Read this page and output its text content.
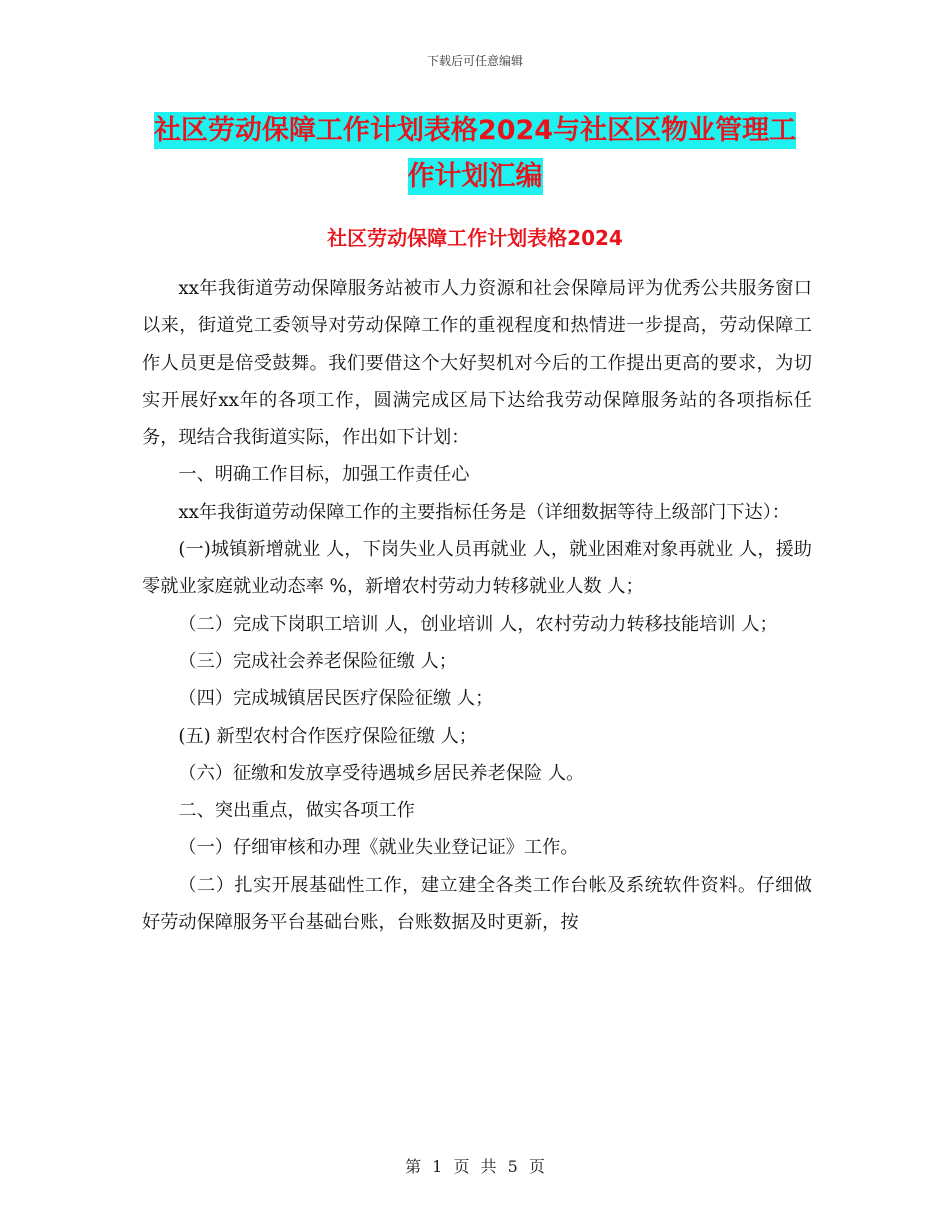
下载后可任意编辑
社区劳动保障工作计划表格2024与社区区物业管理工
作计划汇编
社区劳动保障工作计划表格2024

xx年我街道劳动保障服务站被市人力资源和社会保障局评为优秀公共服务窗口以来，街道党工委领导对劳动保障工作的重视程度和热情进一步提高，劳动保障工作人员更是倍受鼓舞。我们要借这个大好契机对今后的工作提出更高的要求，为切实开展好xx年的各项工作，圆满完成区局下达给我劳动保障服务站的各项指标任务，现结合我街道实际，作出如下计划：

一、明确工作目标，加强工作责任心

xx年我街道劳动保障工作的主要指标任务是（详细数据等待上级部门下达）：

(一)城镇新增就业 人，下岗失业人员再就业 人，就业困难对象再就业 人，援助零就业家庭就业动态率 %，新增农村劳动力转移就业人数 人；

（二）完成下岗职工培训 人，创业培训 人，农村劳动力转移技能培训 人；

（三）完成社会养老保险征缴 人；

（四）完成城镇居民医疗保险征缴 人；

(五) 新型农村合作医疗保险征缴 人；

（六）征缴和发放享受待遇城乡居民养老保险 人。

二、突出重点，做实各项工作

（一）仔细审核和办理《就业失业登记证》工作。

（二）扎实开展基础性工作，建立建全各类工作台帐及系统软件资料。仔细做好劳动保障服务平台基础台账，台账数据及时更新，按

第 1 页 共 5 页
